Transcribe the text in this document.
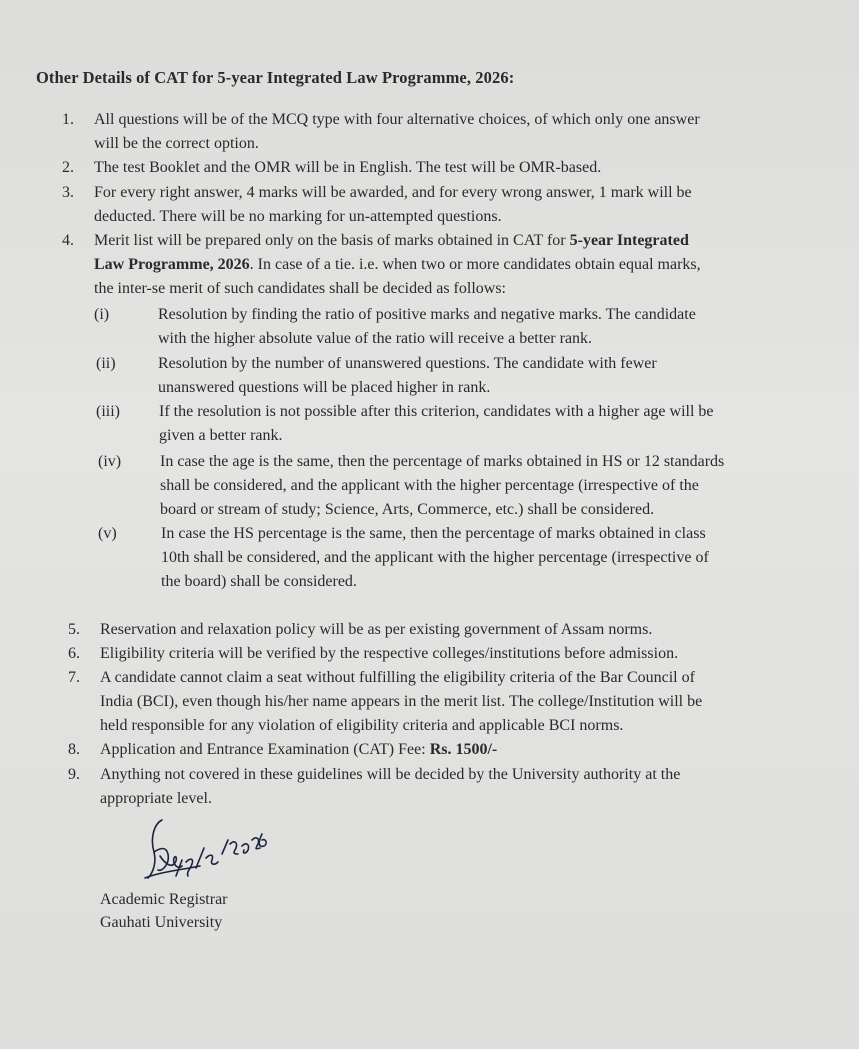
Other Details of CAT for 5-year Integrated Law Programme, 2026:
1.	All questions will be of the MCQ type with four alternative choices, of which only one answer
will be the correct option.
2.	The test Booklet and the OMR will be in English. The test will be OMR-based.
3.	For every right answer, 4 marks will be awarded, and for every wrong answer, 1 mark will be
deducted. There will be no marking for un-attempted questions.
4.	Merit list will be prepared only on the basis of marks obtained in CAT for 5-year Integrated
Law Programme, 2026. In case of a tie. i.e. when two or more candidates obtain equal marks,
the inter-se merit of such candidates shall be decided as follows:
(i)	Resolution by finding the ratio of positive marks and negative marks. The candidate
with the higher absolute value of the ratio will receive a better rank.
(ii)	Resolution by the number of unanswered questions. The candidate with fewer
unanswered questions will be placed higher in rank.
(iii) If the resolution is not possible after this criterion, candidates with a higher age will be
given a better rank.
(iv) In case the age is the same, then the percentage of marks obtained in HS or 12 standards
shall be considered, and the applicant with the higher percentage (irrespective of the
board or stream of study; Science, Arts, Commerce, etc.) shall be considered.
(v)	In case the HS percentage is the same, then the percentage of marks obtained in class
10th shall be considered, and the applicant with the higher percentage (irrespective of
the board) shall be considered.
5.	Reservation and relaxation policy will be as per existing government of Assam norms.
6.	Eligibility criteria will be verified by the respective colleges/institutions before admission.
7.	A candidate cannot claim a seat without fulfilling the eligibility criteria of the Bar Council of
India (BCI), even though his/her name appears in the merit list. The college/Institution will be
held responsible for any violation of eligibility criteria and applicable BCI norms.
8.	Application and Entrance Examination (CAT) Fee: Rs. 1500/-
9.	Anything not covered in these guidelines will be decided by the University authority at the
appropriate level.
Academic Registrar
Gauhati University
